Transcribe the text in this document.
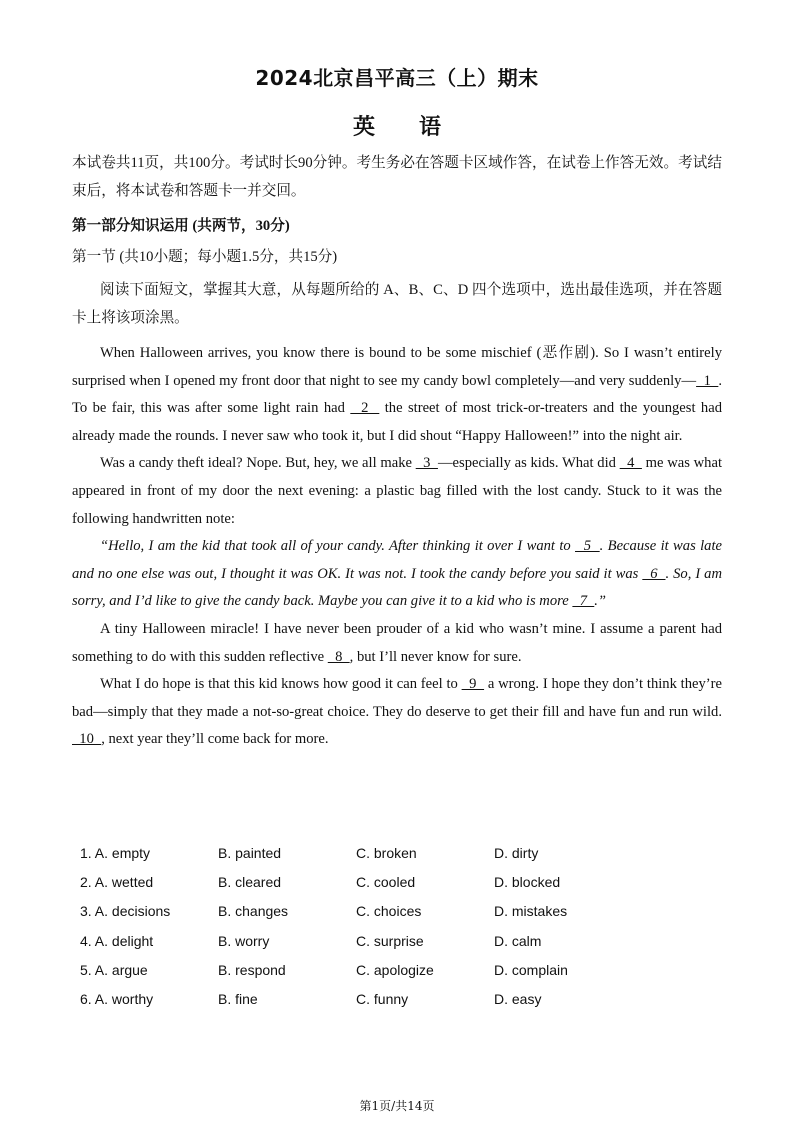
2024北京昌平高三（上）期末
英语
本试卷共11页，共100分。考试时长90分钟。考生务必在答题卡区域作答，在试卷上作答无效。考试结束后，将本试卷和答题卡一并交回。
第一部分知识运用 (共两节，30分)
第一节 (共10小题；每小题1.5分，共15分)

阅读下面短文，掌握其大意，从每题所给的 A、B、C、D 四个选项中，选出最佳选项，并在答题卡上将该项涂黑。

When Halloween arrives, you know there is bound to be some mischief (恶作剧). So I wasn’t entirely surprised when I opened my front door that night to see my candy bowl completely—and very suddenly—  1  . To be fair, this was after some light rain had   2   the street of most trick-or-treaters and the youngest had already made the rounds. I never saw who took it, but I did shout “Happy Halloween!” into the night air.

Was a candy theft ideal? Nope. But, hey, we all make   3  —especially as kids. What did   4   me was what appeared in front of my door the next evening: a plastic bag filled with the lost candy. Stuck to it was the following handwritten note:

“Hello, I am the kid that took all of your candy. After thinking it over I want to   5  . Because it was late and no one else was out, I thought it was OK. It was not. I took the candy before you said it was   6  . So, I am sorry, and I’d like to give the candy back. Maybe you can give it to a kid who is more   7  .”

A tiny Halloween miracle! I have never been prouder of a kid who wasn’t mine. I assume a parent had something to do with this sudden reflective   8  , but I’ll never know for sure.

What I do hope is that this kid knows how good it can feel to   9   a wrong. I hope they don’t think they’re bad—simply that they made a not-so-great choice. They do deserve to get their fill and have fun and run wild.   10  , next year they’ll come back for more.

1. A. empty	B. painted	C. broken	D. dirty
2. A. wetted	B. cleared	C. cooled	D. blocked
3. A. decisions	B. changes	C. choices	D. mistakes
4. A. delight	B. worry	C. surprise	D. calm
5. A. argue	B. respond	C. apologize	D. complain
6. A. worthy	B. fine	C. funny	D. easy
第1页/共14页
